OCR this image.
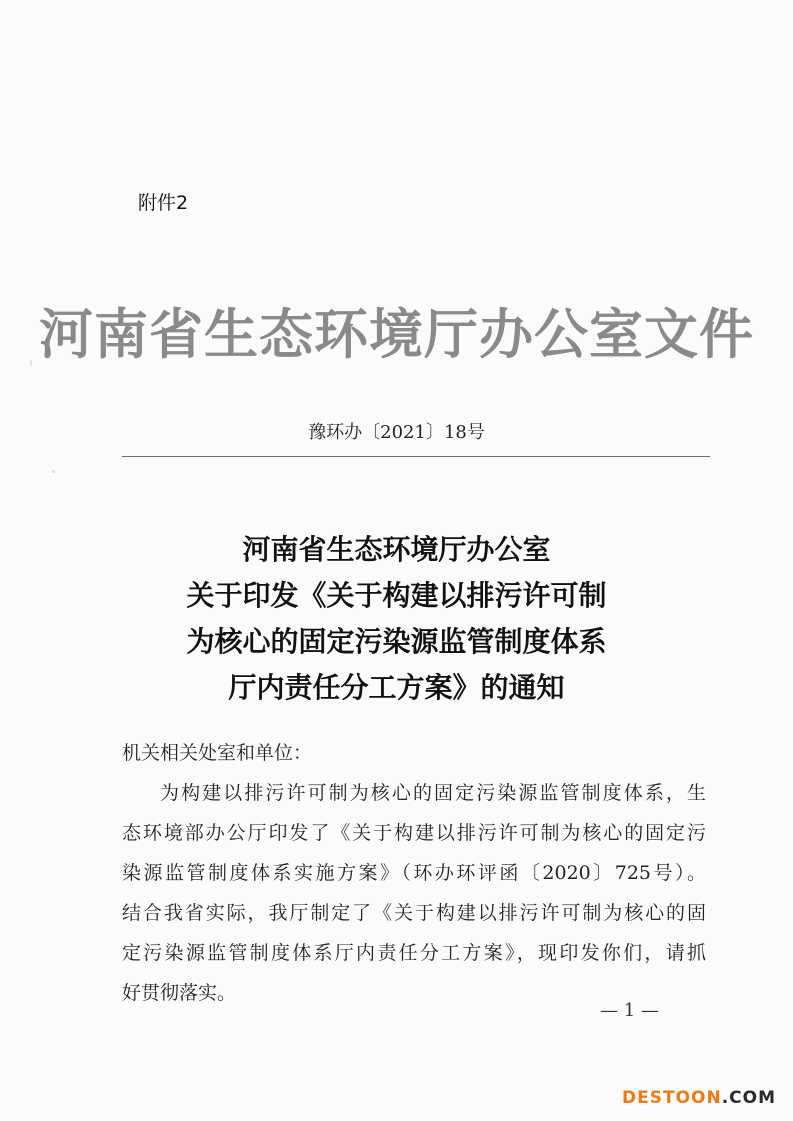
附件2
河南省生态环境厅办公室文件
豫环办〔2021〕18号
河南省生态环境厅办公室
关于印发《关于构建以排污许可制
为核心的固定污染源监管制度体系
厅内责任分工方案》的通知
机关相关处室和单位：
为构建以排污许可制为核心的固定污染源监管制度体系，生
态环境部办公厅印发了《关于构建以排污许可制为核心的固定污
染源监管制度体系实施方案》（环办环评函〔2020〕725号）。
结合我省实际，我厅制定了《关于构建以排污许可制为核心的固
定污染源监管制度体系厅内责任分工方案》，现印发你们，请抓
好贯彻落实。
— 1 —
DESTOON.COM
